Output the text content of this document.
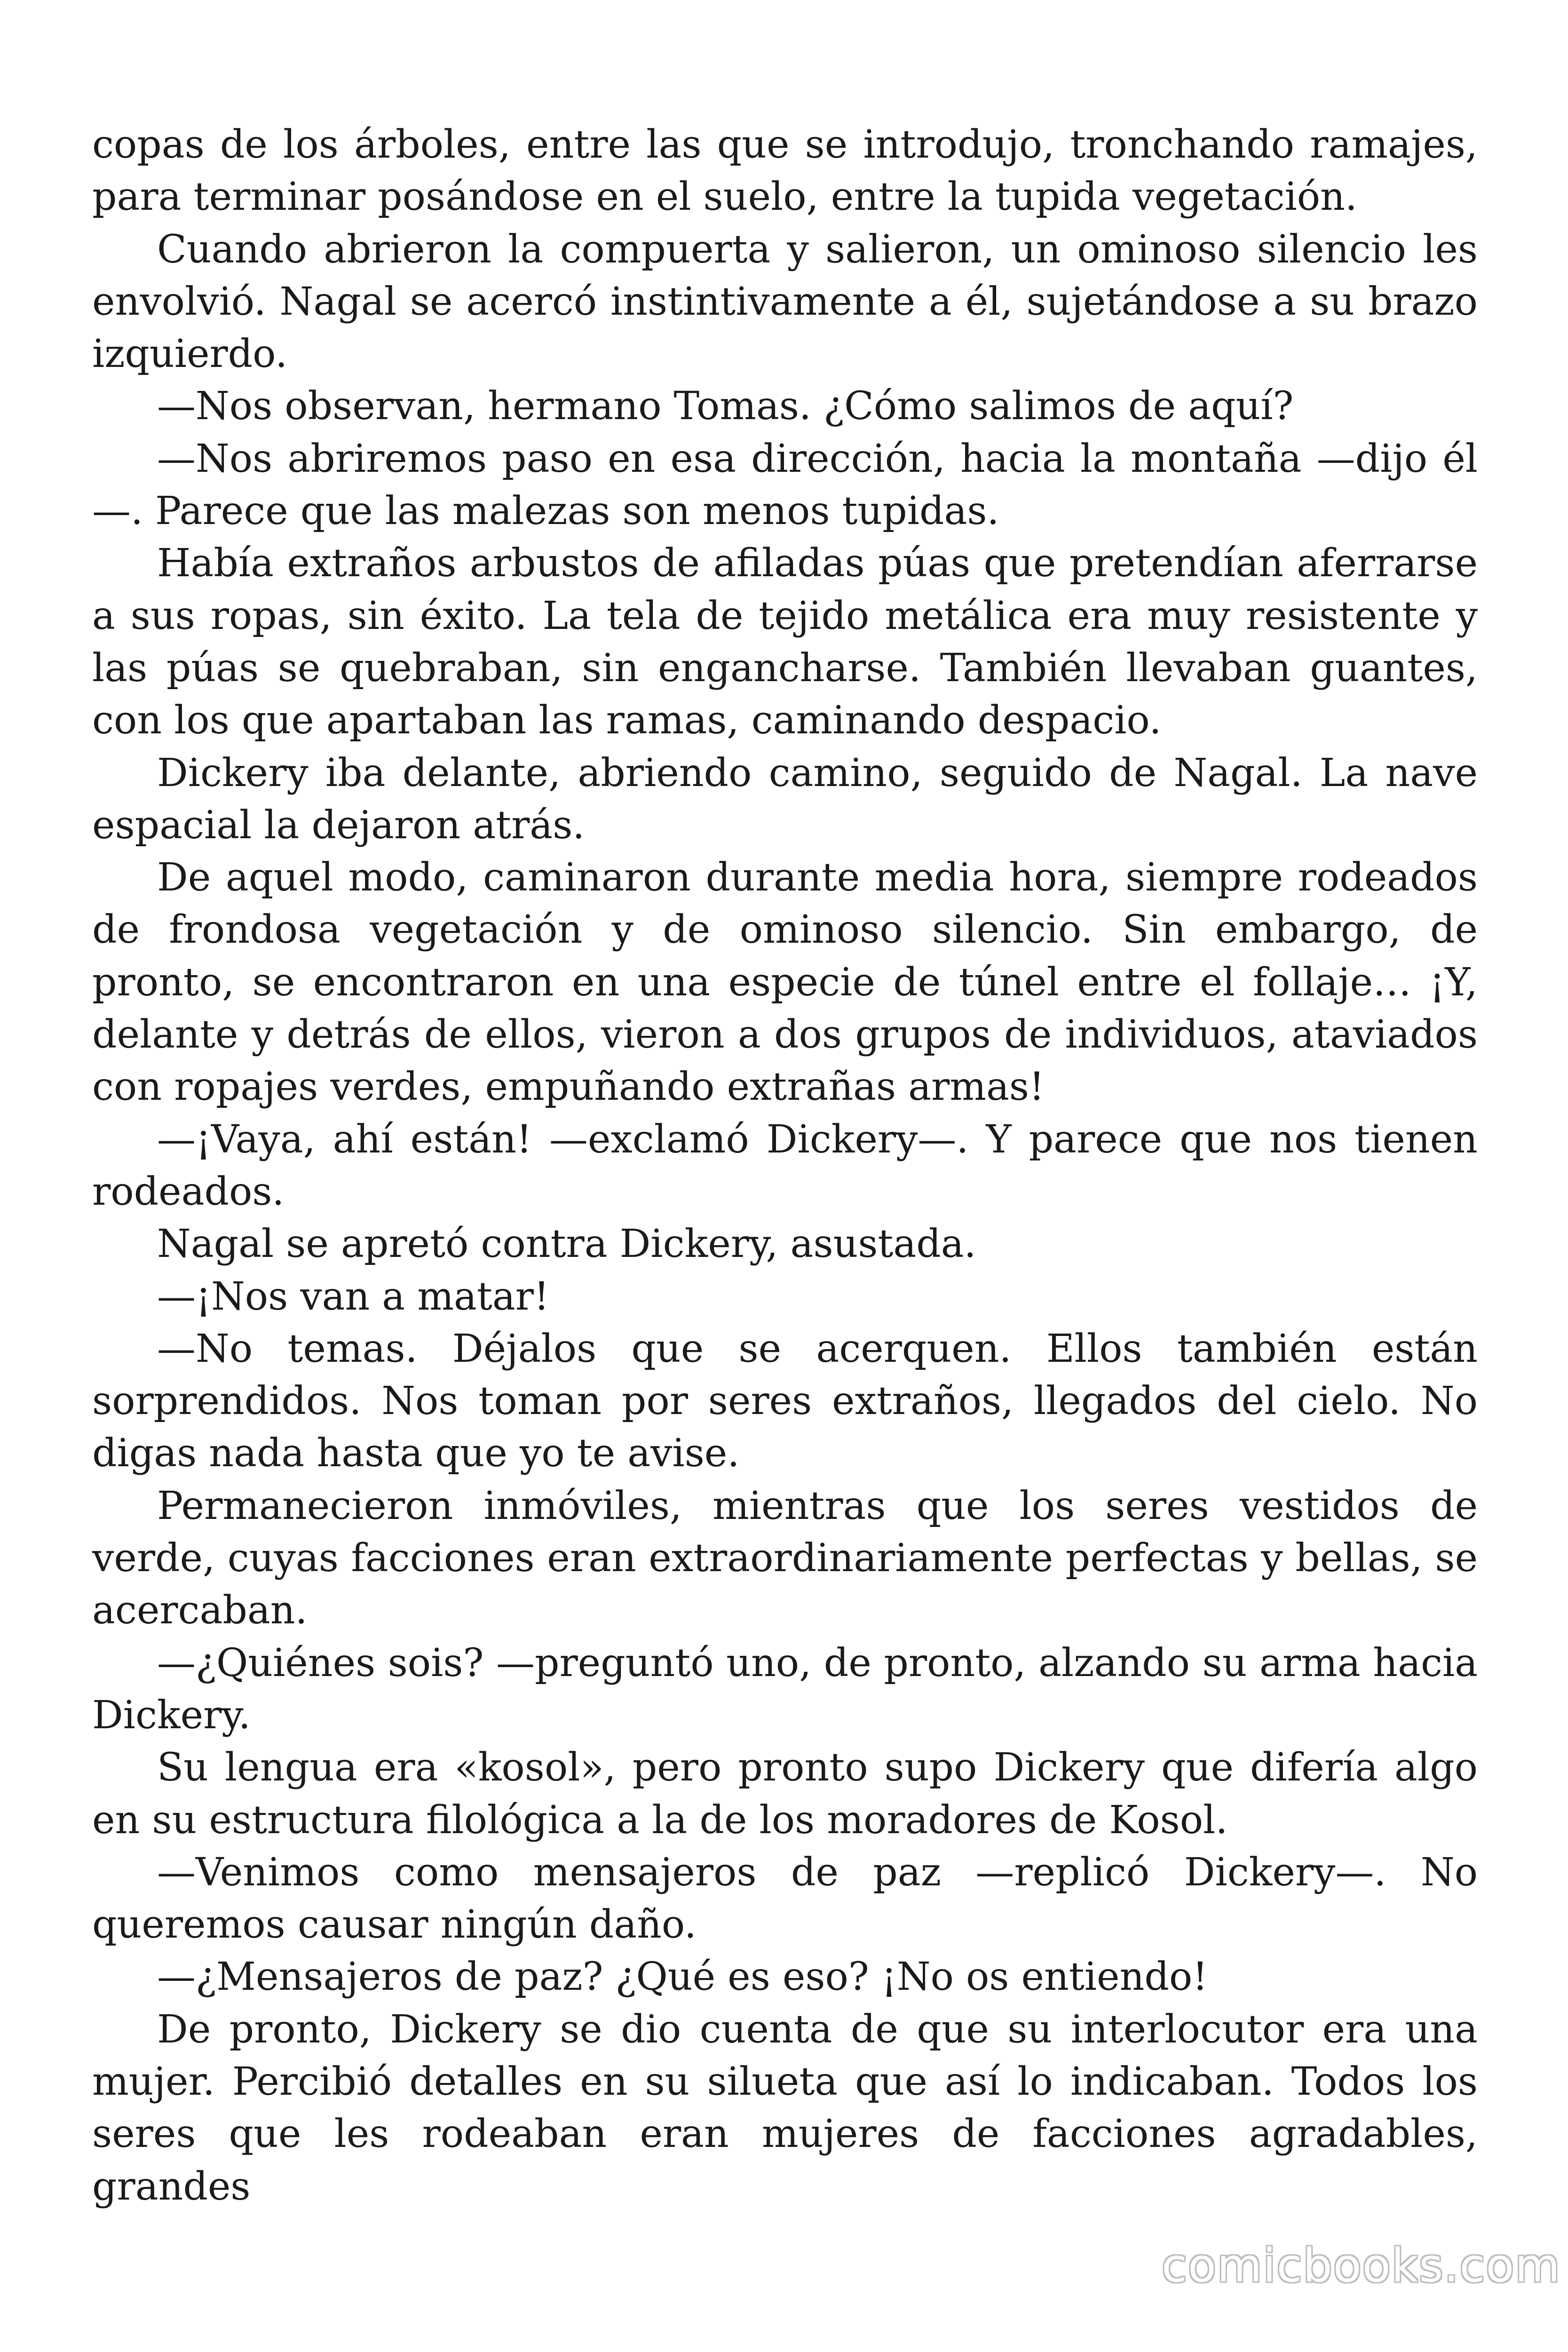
copas de los árboles, entre las que se introdujo, tronchando ramajes, para terminar posándose en el suelo, entre la tupida vegetación.

Cuando abrieron la compuerta y salieron, un ominoso silencio les envolvió. Nagal se acercó instintivamente a él, sujetándose a su brazo izquierdo.

—Nos observan, hermano Tomas. ¿Cómo salimos de aquí?

—Nos abriremos paso en esa dirección, hacia la montaña —dijo él —. Parece que las malezas son menos tupidas.

Había extraños arbustos de afiladas púas que pretendían aferrarse a sus ropas, sin éxito. La tela de tejido metálica era muy resistente y las púas se quebraban, sin engancharse. También llevaban guantes, con los que apartaban las ramas, caminando despacio.

Dickery iba delante, abriendo camino, seguido de Nagal. La nave espacial la dejaron atrás.

De aquel modo, caminaron durante media hora, siempre rodeados de frondosa vegetación y de ominoso silencio. Sin embargo, de pronto, se encontraron en una especie de túnel entre el follaje… ¡Y, delante y detrás de ellos, vieron a dos grupos de individuos, ataviados con ropajes verdes, empuñando extrañas armas!

—¡Vaya, ahí están! —exclamó Dickery—. Y parece que nos tienen rodeados.

Nagal se apretó contra Dickery, asustada.

—¡Nos van a matar!

—No temas. Déjalos que se acerquen. Ellos también están sorprendidos. Nos toman por seres extraños, llegados del cielo. No digas nada hasta que yo te avise.

Permanecieron inmóviles, mientras que los seres vestidos de verde, cuyas facciones eran extraordinariamente perfectas y bellas, se acercaban.

—¿Quiénes sois? —preguntó uno, de pronto, alzando su arma hacia Dickery.

Su lengua era «kosol», pero pronto supo Dickery que difería algo en su estructura filológica a la de los moradores de Kosol.

—Venimos como mensajeros de paz —replicó Dickery—. No queremos causar ningún daño.

—¿Mensajeros de paz? ¿Qué es eso? ¡No os entiendo!

De pronto, Dickery se dio cuenta de que su interlocutor era una mujer. Percibió detalles en su silueta que así lo indicaban. Todos los seres que les rodeaban eran mujeres de facciones agradables, grandes

comicbooks.com
